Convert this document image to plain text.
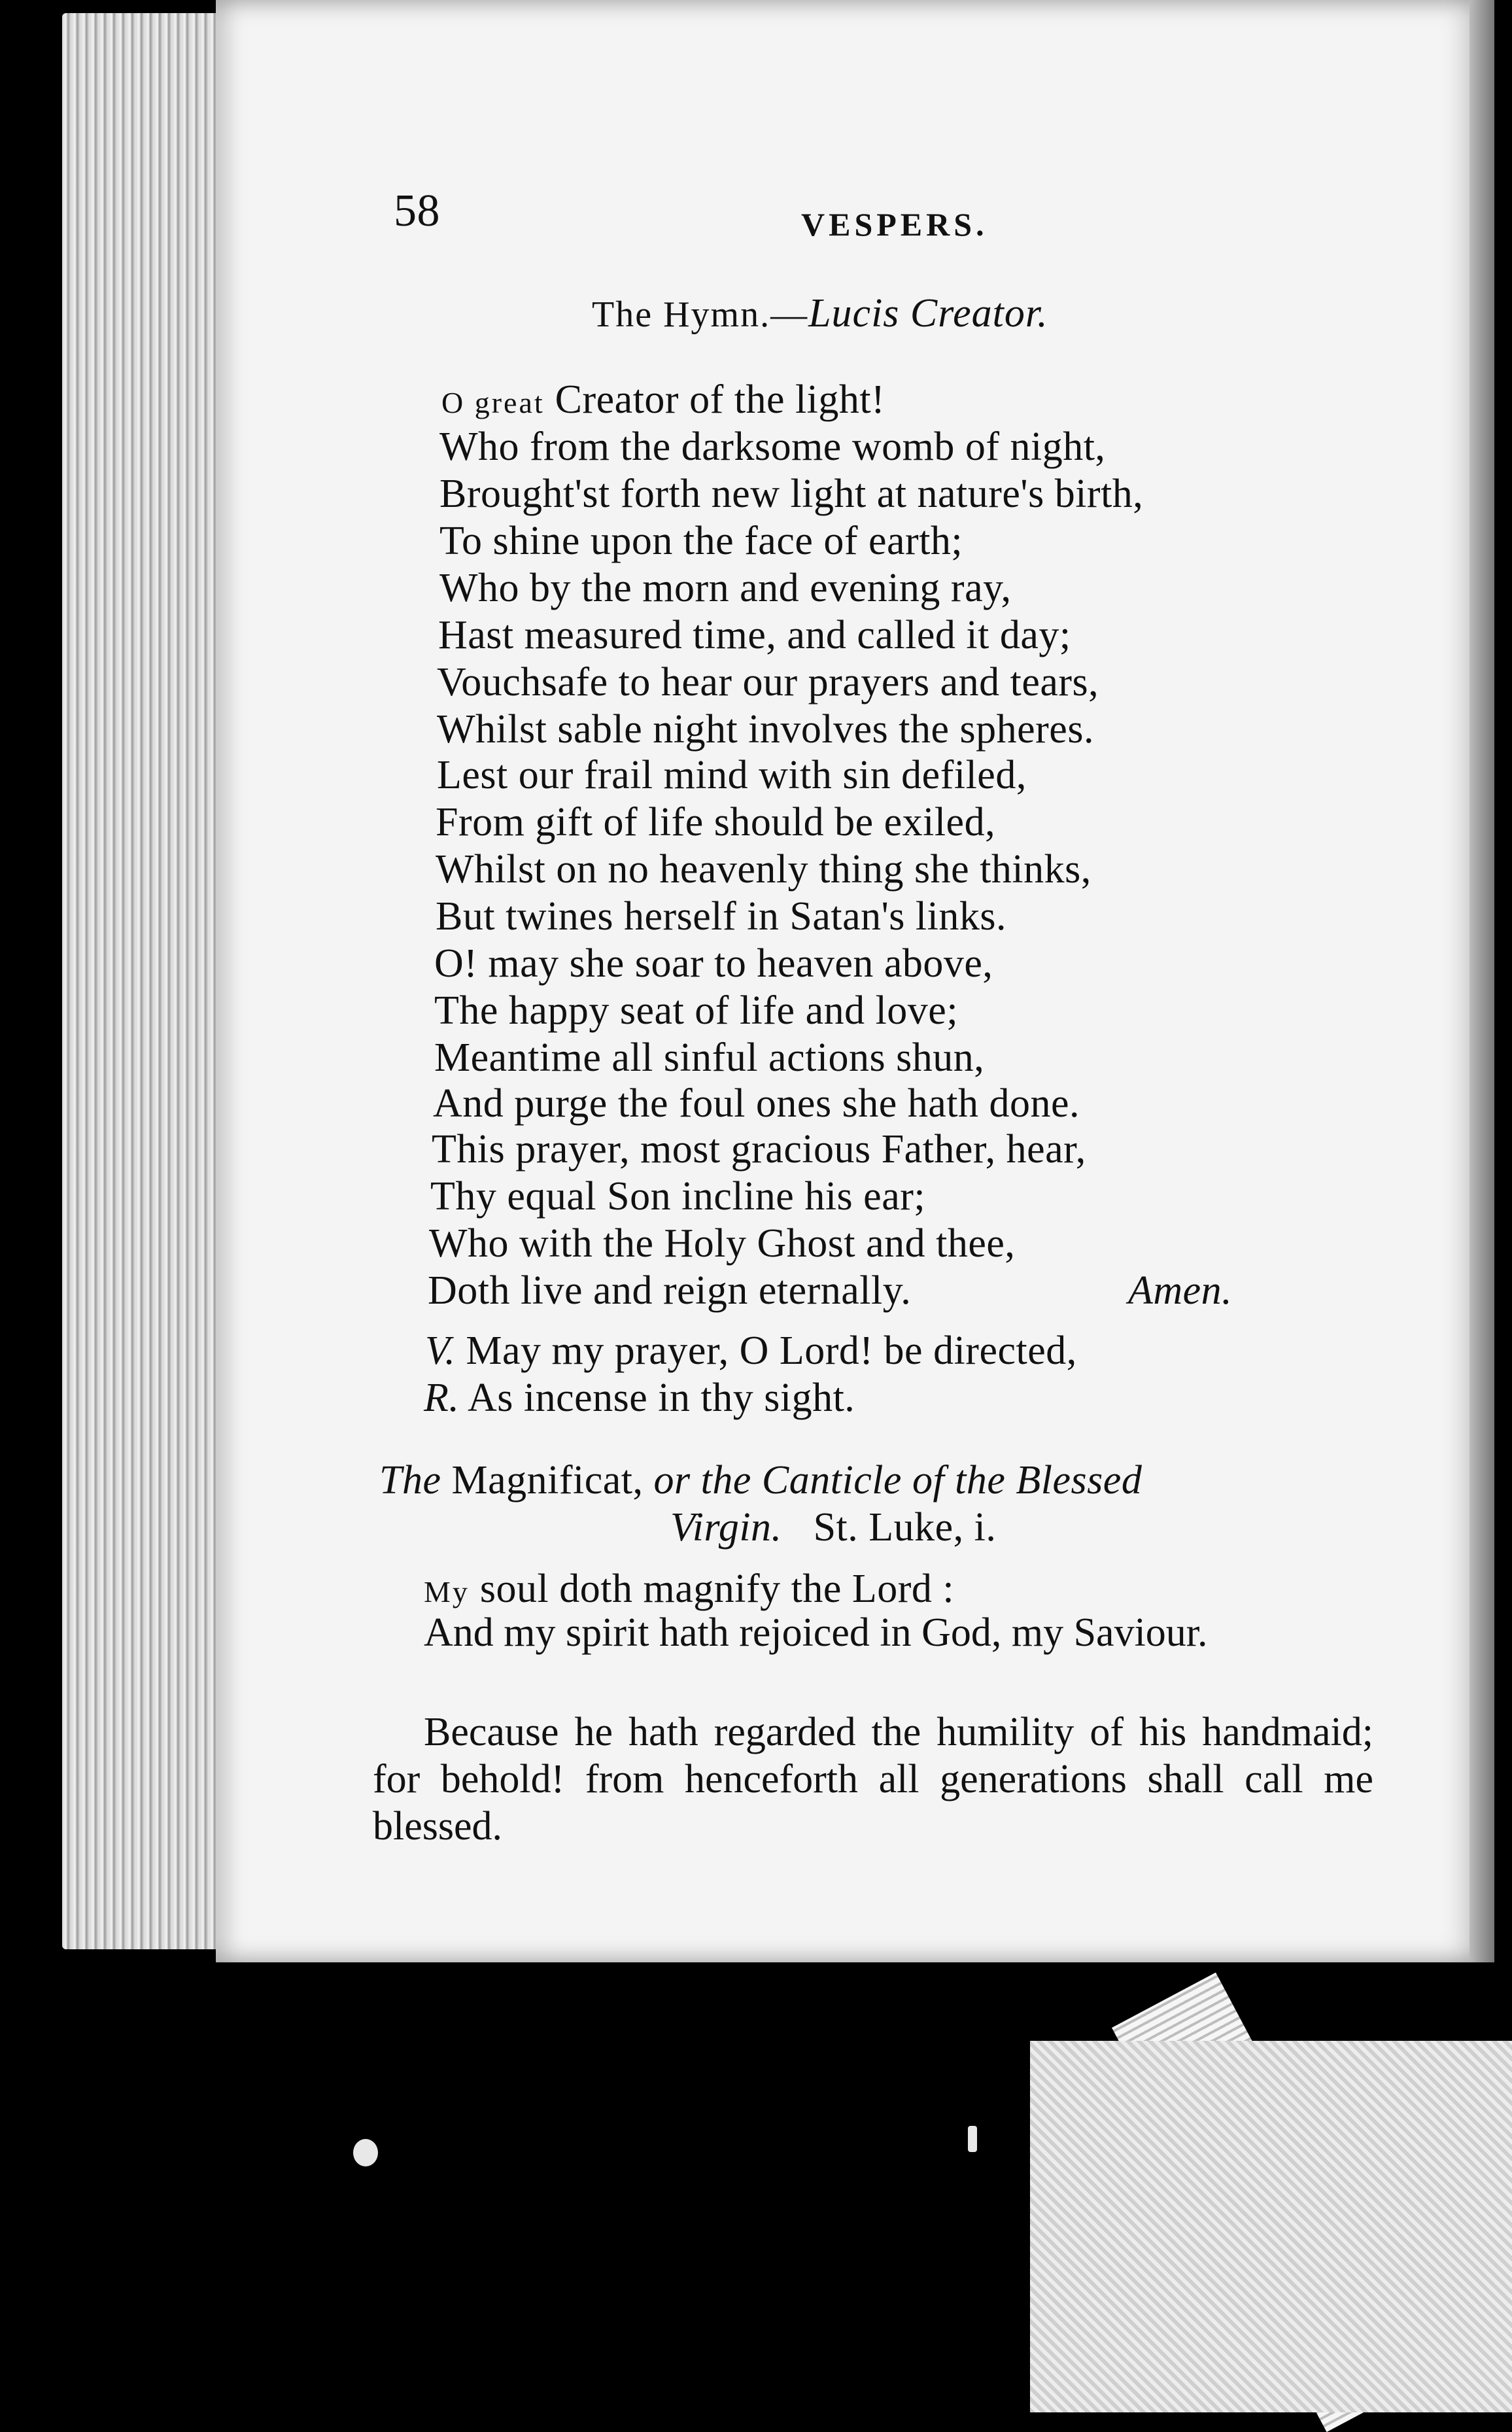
58	VESPERS.
The Hymn.—Lucis Creator.
O great Creator of the light!
Who from the darksome womb of night,
Brought'st forth new light at nature's birth,
To shine upon the face of earth;
Who by the morn and evening ray,
Hast measured time, and called it day;
Vouchsafe to hear our prayers and tears,
Whilst sable night involves the spheres.
Lest our frail mind with sin defiled,
From gift of life should be exiled,
Whilst on no heavenly thing she thinks,
But twines herself in Satan's links.
O! may she soar to heaven above,
The happy seat of life and love;
Meantime all sinful actions shun,
And purge the foul ones she hath done.
This prayer, most gracious Father, hear,
Thy equal Son incline his ear;
Who with the Holy Ghost and thee,
Doth live and reign eternally.	Amen.
V. May my prayer, O Lord! be directed,
R. As incense in thy sight.
The Magnificat, or the Canticle of the Blessed
Virgin. St. Luke, i.
My soul doth magnify the Lord :
And my spirit hath rejoiced in God, my Saviour.
Because he hath regarded the humility of his handmaid; for behold! from henceforth all generations shall call me blessed.
